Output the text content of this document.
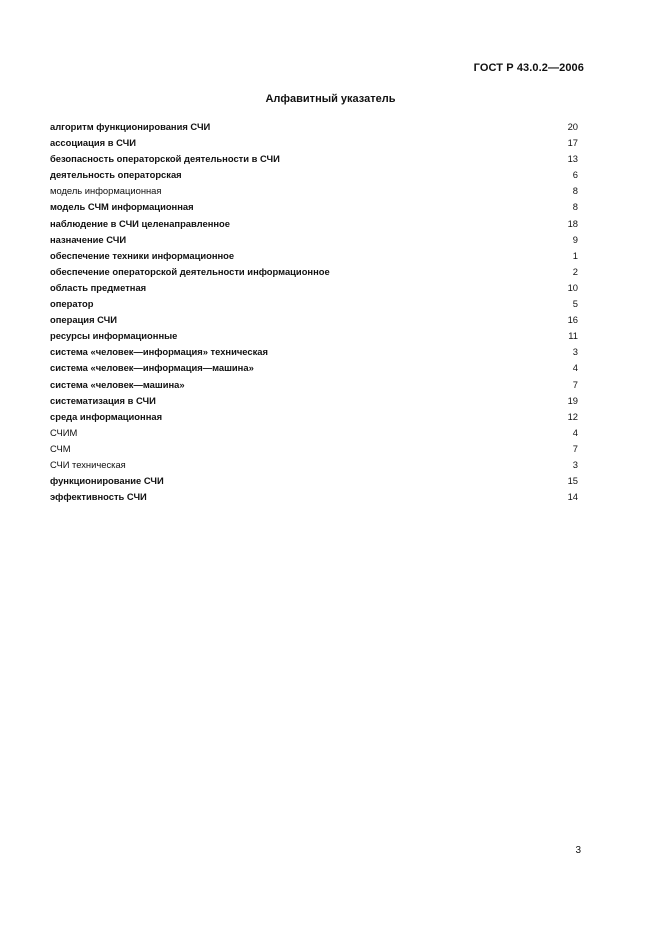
ГОСТ Р 43.0.2—2006
Алфавитный указатель
алгоритм функционирования СЧИ	20
ассоциация в СЧИ	17
безопасность операторской деятельности в СЧИ	13
деятельность операторская	6
модель информационная	8
модель СЧМ информационная	8
наблюдение в СЧИ целенаправленное	18
назначение СЧИ	9
обеспечение техники информационное	1
обеспечение операторской деятельности информационное	2
область предметная	10
оператор	5
операция СЧИ	16
ресурсы информационные	11
система «человек—информация» техническая	3
система «человек—информация—машина»	4
система «человек—машина»	7
систематизация в СЧИ	19
среда информационная	12
СЧИМ	4
СЧМ	7
СЧИ техническая	3
функционирование СЧИ	15
эффективность СЧИ	14
3
